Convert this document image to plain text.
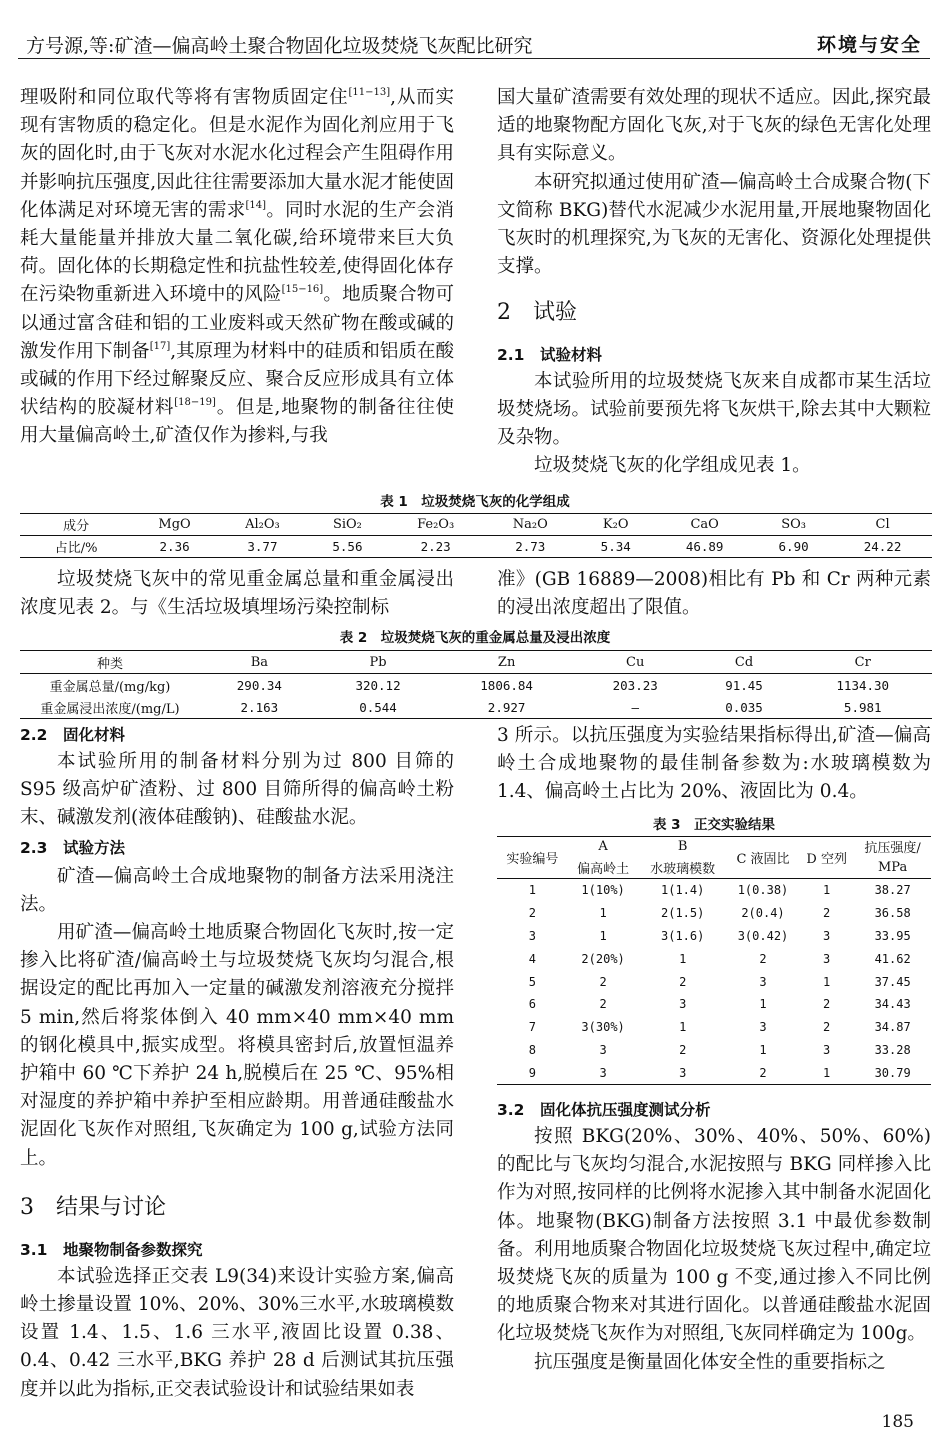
方号源,等:矿渣—偏高岭土聚合物固化垃圾焚烧飞灰配比研究	环境与安全

理吸附和同位取代等将有害物质固定住[11−13],从而实现有害物质的稳定化。但是水泥作为固化剂应用于飞灰的固化时,由于飞灰对水泥水化过程会产生阻碍作用并影响抗压强度,因此往往需要添加大量水泥才能使固化体满足对环境无害的需求[14]。同时水泥的生产会消耗大量能量并排放大量二氧化碳,给环境带来巨大负荷。固化体的长期稳定性和抗盐性较差,使得固化体存在污染物重新进入环境中的风险[15−16]。地质聚合物可以通过富含硅和铝的工业废料或天然矿物在酸或碱的激发作用下制备[17],其原理为材料中的硅质和铝质在酸或碱的作用下经过解聚反应、聚合反应形成具有立体状结构的胶凝材料[18−19]。但是,地聚物的制备往往使用大量偏高岭土,矿渣仅作为掺料,与我

国大量矿渣需要有效处理的现状不适应。因此,探究最适的地聚物配方固化飞灰,对于飞灰的绿色无害化处理具有实际意义。

本研究拟通过使用矿渣—偏高岭土合成聚合物(下文简称 BKG)替代水泥减少水泥用量,开展地聚物固化飞灰时的机理探究,为飞灰的无害化、资源化处理提供支撑。

2　试验
2.1　试验材料

本试验所用的垃圾焚烧飞灰来自成都市某生活垃圾焚烧场。试验前要预先将飞灰烘干,除去其中大颗粒及杂物。

垃圾焚烧飞灰的化学组成见表 1。

表 1　垃圾焚烧飞灰的化学组成
成分	MgO	Al₂O₃	SiO₂	Fe₂O₃	Na₂O	K₂O	CaO	SO₃	Cl
占比/%	2.36	3.77	5.56	2.23	2.73	5.34	46.89	6.90	24.22

垃圾焚烧飞灰中的常见重金属总量和重金属浸出浓度见表 2。与《生活垃圾填埋场污染控制标

准》(GB 16889—2008)相比有 Pb 和 Cr 两种元素的浸出浓度超出了限值。

表 2　垃圾焚烧飞灰的重金属总量及浸出浓度
种类	Ba	Pb	Zn	Cu	Cd	Cr
重金属总量/(mg/kg)	290.34	320.12	1806.84	203.23	91.45	1134.30
重金属浸出浓度/(mg/L)	2.163	0.544	2.927	—	0.035	5.981
2.2　固化材料

本试验所用的制备材料分别为过 800 目筛的 S95 级高炉矿渣粉、过 800 目筛所得的偏高岭土粉末、碱激发剂(液体硅酸钠)、硅酸盐水泥。

2.3　试验方法

矿渣—偏高岭土合成地聚物的制备方法采用浇注法。

用矿渣—偏高岭土地质聚合物固化飞灰时,按一定掺入比将矿渣/偏高岭土与垃圾焚烧飞灰均匀混合,根据设定的配比再加入一定量的碱激发剂溶液充分搅拌 5 min,然后将浆体倒入 40 mm×40 mm×40 mm 的钢化模具中,振实成型。将模具密封后,放置恒温养护箱中 60 ℃下养护 24 h,脱模后在 25 ℃、95%相对湿度的养护箱中养护至相应龄期。用普通硅酸盐水泥固化飞灰作对照组,飞灰确定为 100 g,试验方法同上。

3　结果与讨论
3.1　地聚物制备参数探究

本试验选择正交表 L9(34)来设计实验方案,偏高岭土掺量设置 10%、20%、30%三水平,水玻璃模数设置 1.4、1.5、1.6 三水平,液固比设置 0.38、0.4、0.42 三水平,BKG 养护 28 d 后测试其抗压强度并以此为指标,正交表试验设计和试验结果如表

3 所示。以抗压强度为实验结果指标得出,矿渣—偏高岭土合成地聚物的最佳制备参数为:水玻璃模数为 1.4、偏高岭土占比为 20%、液固比为 0.4。

表 3　正交实验结果
实验编号	A	B	C 液固比	D 空列	抗压强度/
	偏高岭土	水玻璃模数			MPa
1	1(10%)	1(1.4)	1(0.38)	1	38.27
2	1	2(1.5)	2(0.4)	2	36.58
3	1	3(1.6)	3(0.42)	3	33.95
4	2(20%)	1	2	3	41.62
5	2	2	3	1	37.45
6	2	3	1	2	34.43
7	3(30%)	1	3	2	34.87
8	3	2	1	3	33.28
9	3	3	2	1	30.79
3.2　固化体抗压强度测试分析

按照 BKG(20%、30%、40%、50%、60%)的配比与飞灰均匀混合,水泥按照与 BKG 同样掺入比作为对照,按同样的比例将水泥掺入其中制备水泥固化体。地聚物(BKG)制备方法按照 3.1 中最优参数制备。利用地质聚合物固化垃圾焚烧飞灰过程中,确定垃圾焚烧飞灰的质量为 100 g 不变,通过掺入不同比例的地质聚合物来对其进行固化。以普通硅酸盐水泥固化垃圾焚烧飞灰作为对照组,飞灰同样确定为 100g。

抗压强度是衡量固化体安全性的重要指标之

185
